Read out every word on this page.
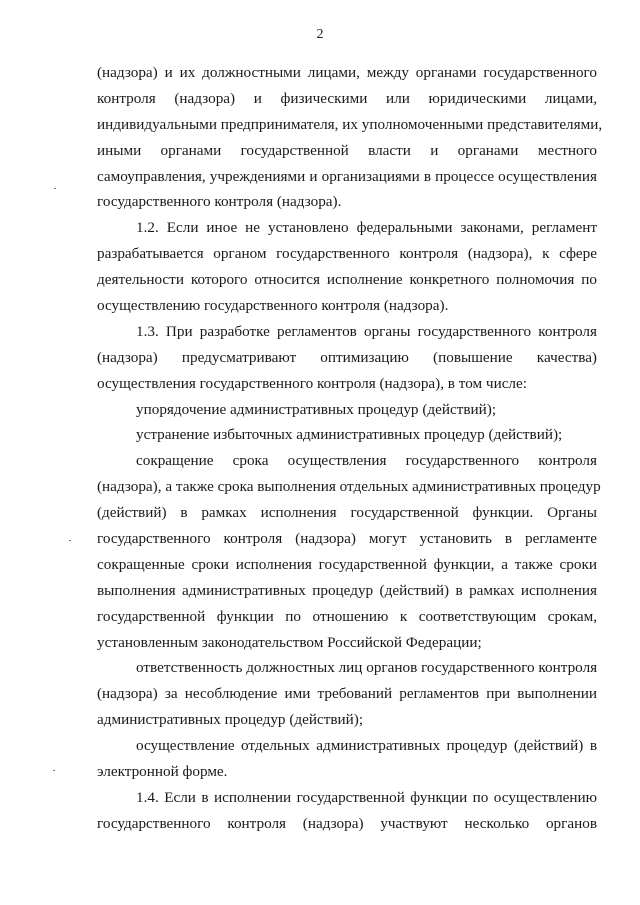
2
(надзора) и их должностными лицами, между органами государственного
контроля (надзора) и физическими или юридическими лицами,
индивидуальными предпринимателя, их уполномоченными представителями,
иными органами государственной власти и органами местного
самоуправления, учреждениями и организациями в процессе осуществления
государственного контроля (надзора).
1.2. Если иное не установлено федеральными законами, регламент
разрабатывается органом государственного контроля (надзора), к сфере
деятельности которого относится исполнение конкретного полномочия по
осуществлению государственного контроля (надзора).
1.3. При разработке регламентов органы государственного контроля
(надзора) предусматривают оптимизацию (повышение качества)
осуществления государственного контроля (надзора), в том числе:
упорядочение административных процедур (действий);
устранение избыточных административных процедур (действий);
сокращение срока осуществления государственного контроля
(надзора), а также срока выполнения отдельных административных процедур
(действий) в рамках исполнения государственной функции. Органы
государственного контроля (надзора) могут установить в регламенте
сокращенные сроки исполнения государственной функции, а также сроки
выполнения административных процедур (действий) в рамках исполнения
государственной функции по отношению к соответствующим срокам,
установленным законодательством Российской Федерации;
ответственность должностных лиц органов государственного контроля
(надзора) за несоблюдение ими требований регламентов при выполнении
административных процедур (действий);
осуществление отдельных административных процедур (действий) в
электронной форме.
1.4. Если в исполнении государственной функции по осуществлению
государственного контроля (надзора) участвуют несколько органов
